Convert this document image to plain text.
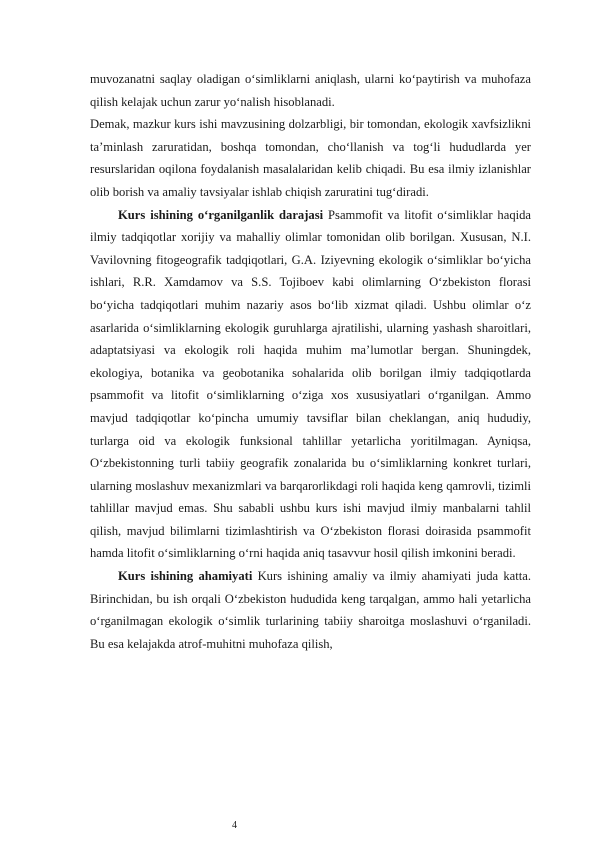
muvozanatni saqlay oladigan o‘simliklarni aniqlash, ularni ko‘paytirish va muhofaza qilish kelajak uchun zarur yo‘nalish hisoblanadi.

Demak, mazkur kurs ishi mavzusining dolzarbligi, bir tomondan, ekologik xavfsizlikni ta’minlash zaruratidan, boshqa tomondan, cho‘llanish va tog‘li hududlarda yer resurslaridan oqilona foydalanish masalalaridan kelib chiqadi. Bu esa ilmiy izlanishlar olib borish va amaliy tavsiyalar ishlab chiqish zaruratini tug‘diradi.

Kurs ishining o‘rganilganlik darajasi Psammofit va litofit o‘simliklar haqida ilmiy tadqiqotlar xorijiy va mahalliy olimlar tomonidan olib borilgan. Xususan, N.I. Vavilovning fitogeografik tadqiqotlari, G.A. Iziyevning ekologik o‘simliklar bo‘yicha ishlari, R.R. Xamdamov va S.S. Tojiboev kabi olimlarning O‘zbekiston florasi bo‘yicha tadqiqotlari muhim nazariy asos bo‘lib xizmat qiladi. Ushbu olimlar o‘z asarlarida o‘simliklarning ekologik guruhlarga ajratilishi, ularning yashash sharoitlari, adaptatsiyasi va ekologik roli haqida muhim ma’lumotlar bergan. Shuningdek, ekologiya, botanika va geobotanika sohalarida olib borilgan ilmiy tadqiqotlarda psammofit va litofit o‘simliklarning o‘ziga xos xususiyatlari o‘rganilgan. Ammo mavjud tadqiqotlar ko‘pincha umumiy tavsiflar bilan cheklangan, aniq hududiy, turlarga oid va ekologik funksional tahlillar yetarlicha yoritilmagan. Ayniqsa, O‘zbekistonning turli tabiiy geografik zonalarida bu o‘simliklarning konkret turlari, ularning moslashuv mexanizmlari va barqarorlikdagi roli haqida keng qamrovli, tizimli tahlillar mavjud emas. Shu sababli ushbu kurs ishi mavjud ilmiy manbalarni tahlil qilish, mavjud bilimlarni tizimlashtirish va O‘zbekiston florasi doirasida psammofit hamda litofit o‘simliklarning o‘rni haqida aniq tasavvur hosil qilish imkonini beradi.

Kurs ishining ahamiyati Kurs ishining amaliy va ilmiy ahamiyati juda katta. Birinchidan, bu ish orqali O‘zbekiston hududida keng tarqalgan, ammo hali yetarlicha o‘rganilmagan ekologik o‘simlik turlarining tabiiy sharoitga moslashuvi o‘rganiladi. Bu esa kelajakda atrof-muhitni muhofaza qilish,

4
